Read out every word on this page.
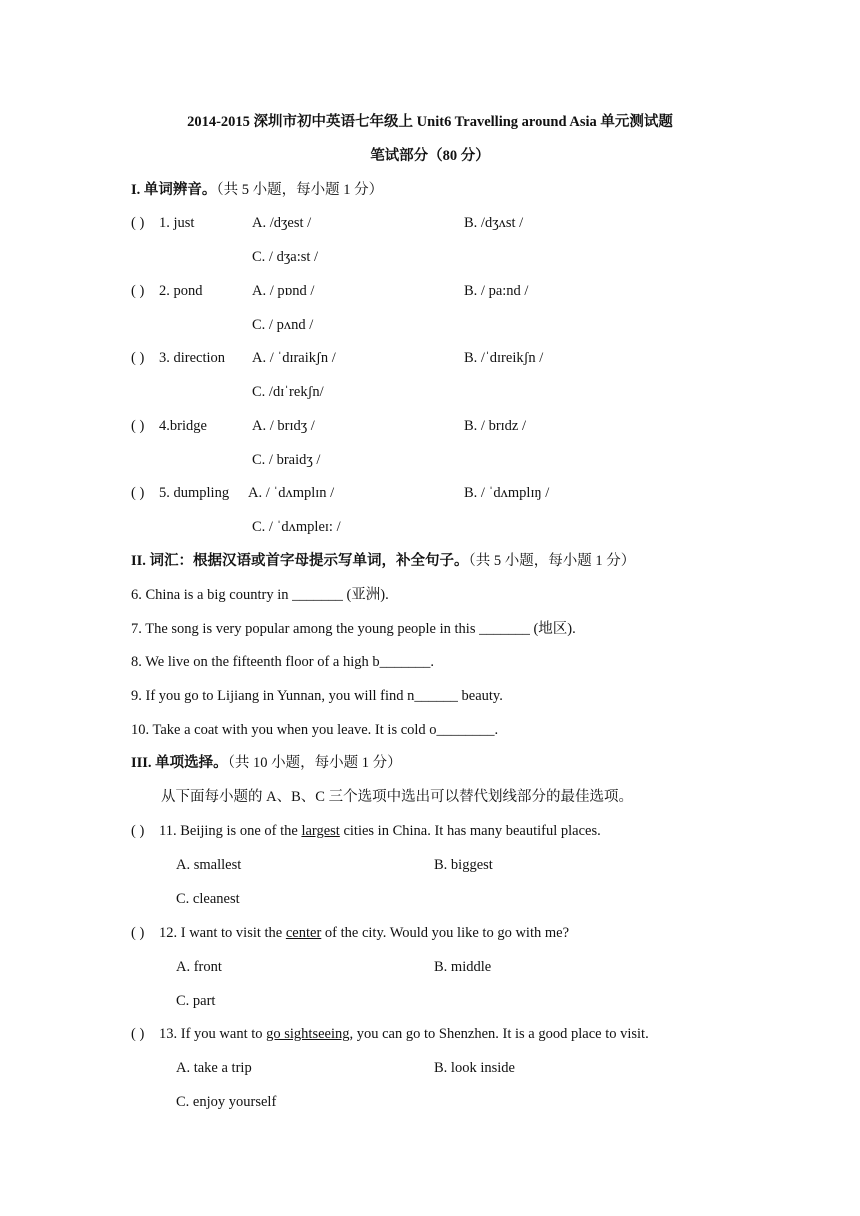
2014-2015 深圳市初中英语七年级上 Unit6 Travelling around Asia 单元测试题
笔试部分（80 分）
I. 单词辨音。（共 5 小题，每小题 1 分）
( ) 1. just	A. /dʒest /	B. /dʒʌst /
C. / dʒa:st /
( ) 2. pond	A. / pɒnd /	B. / pa:nd /
C. / pʌnd /
( ) 3. direction A. / ˈdɪraikʃn /	B. /ˈdɪreikʃn /
C. /dɪˈrekʃn/
( ) 4.bridge	A. / brɪdʒ /	B. / brɪdz /
C. / braidʒ /
( ) 5. dumpling A. / ˈdʌmplɪn /	B. / ˈdʌmplɪŋ /
C. / ˈdʌmpleɪ: /
II. 词汇：根据汉语或首字母提示写单词，补全句子。（共 5 小题，每小题 1 分）
6. China is a big country in _______ (亚洲).
7. The song is very popular among the young people in this _______ (地区).
8. We live on the fifteenth floor of a high b_______.
9. If you go to Lijiang in Yunnan, you will find n______ beauty.
10. Take a coat with you when you leave. It is cold o________.
III. 单项选择。（共 10 小题，每小题 1 分）
从下面每小题的 A、B、C 三个选项中选出可以替代划线部分的最佳选项。
( ) 11. Beijing is one of the largest cities in China. It has many beautiful places.
A. smallest	B. biggest
C. cleanest
( ) 12. I want to visit the center of the city. Would you like to go with me?
A. front	B. middle
C. part
( ) 13. If you want to go sightseeing, you can go to Shenzhen. It is a good place to visit.
A. take a trip	B. look inside
C. enjoy yourself
